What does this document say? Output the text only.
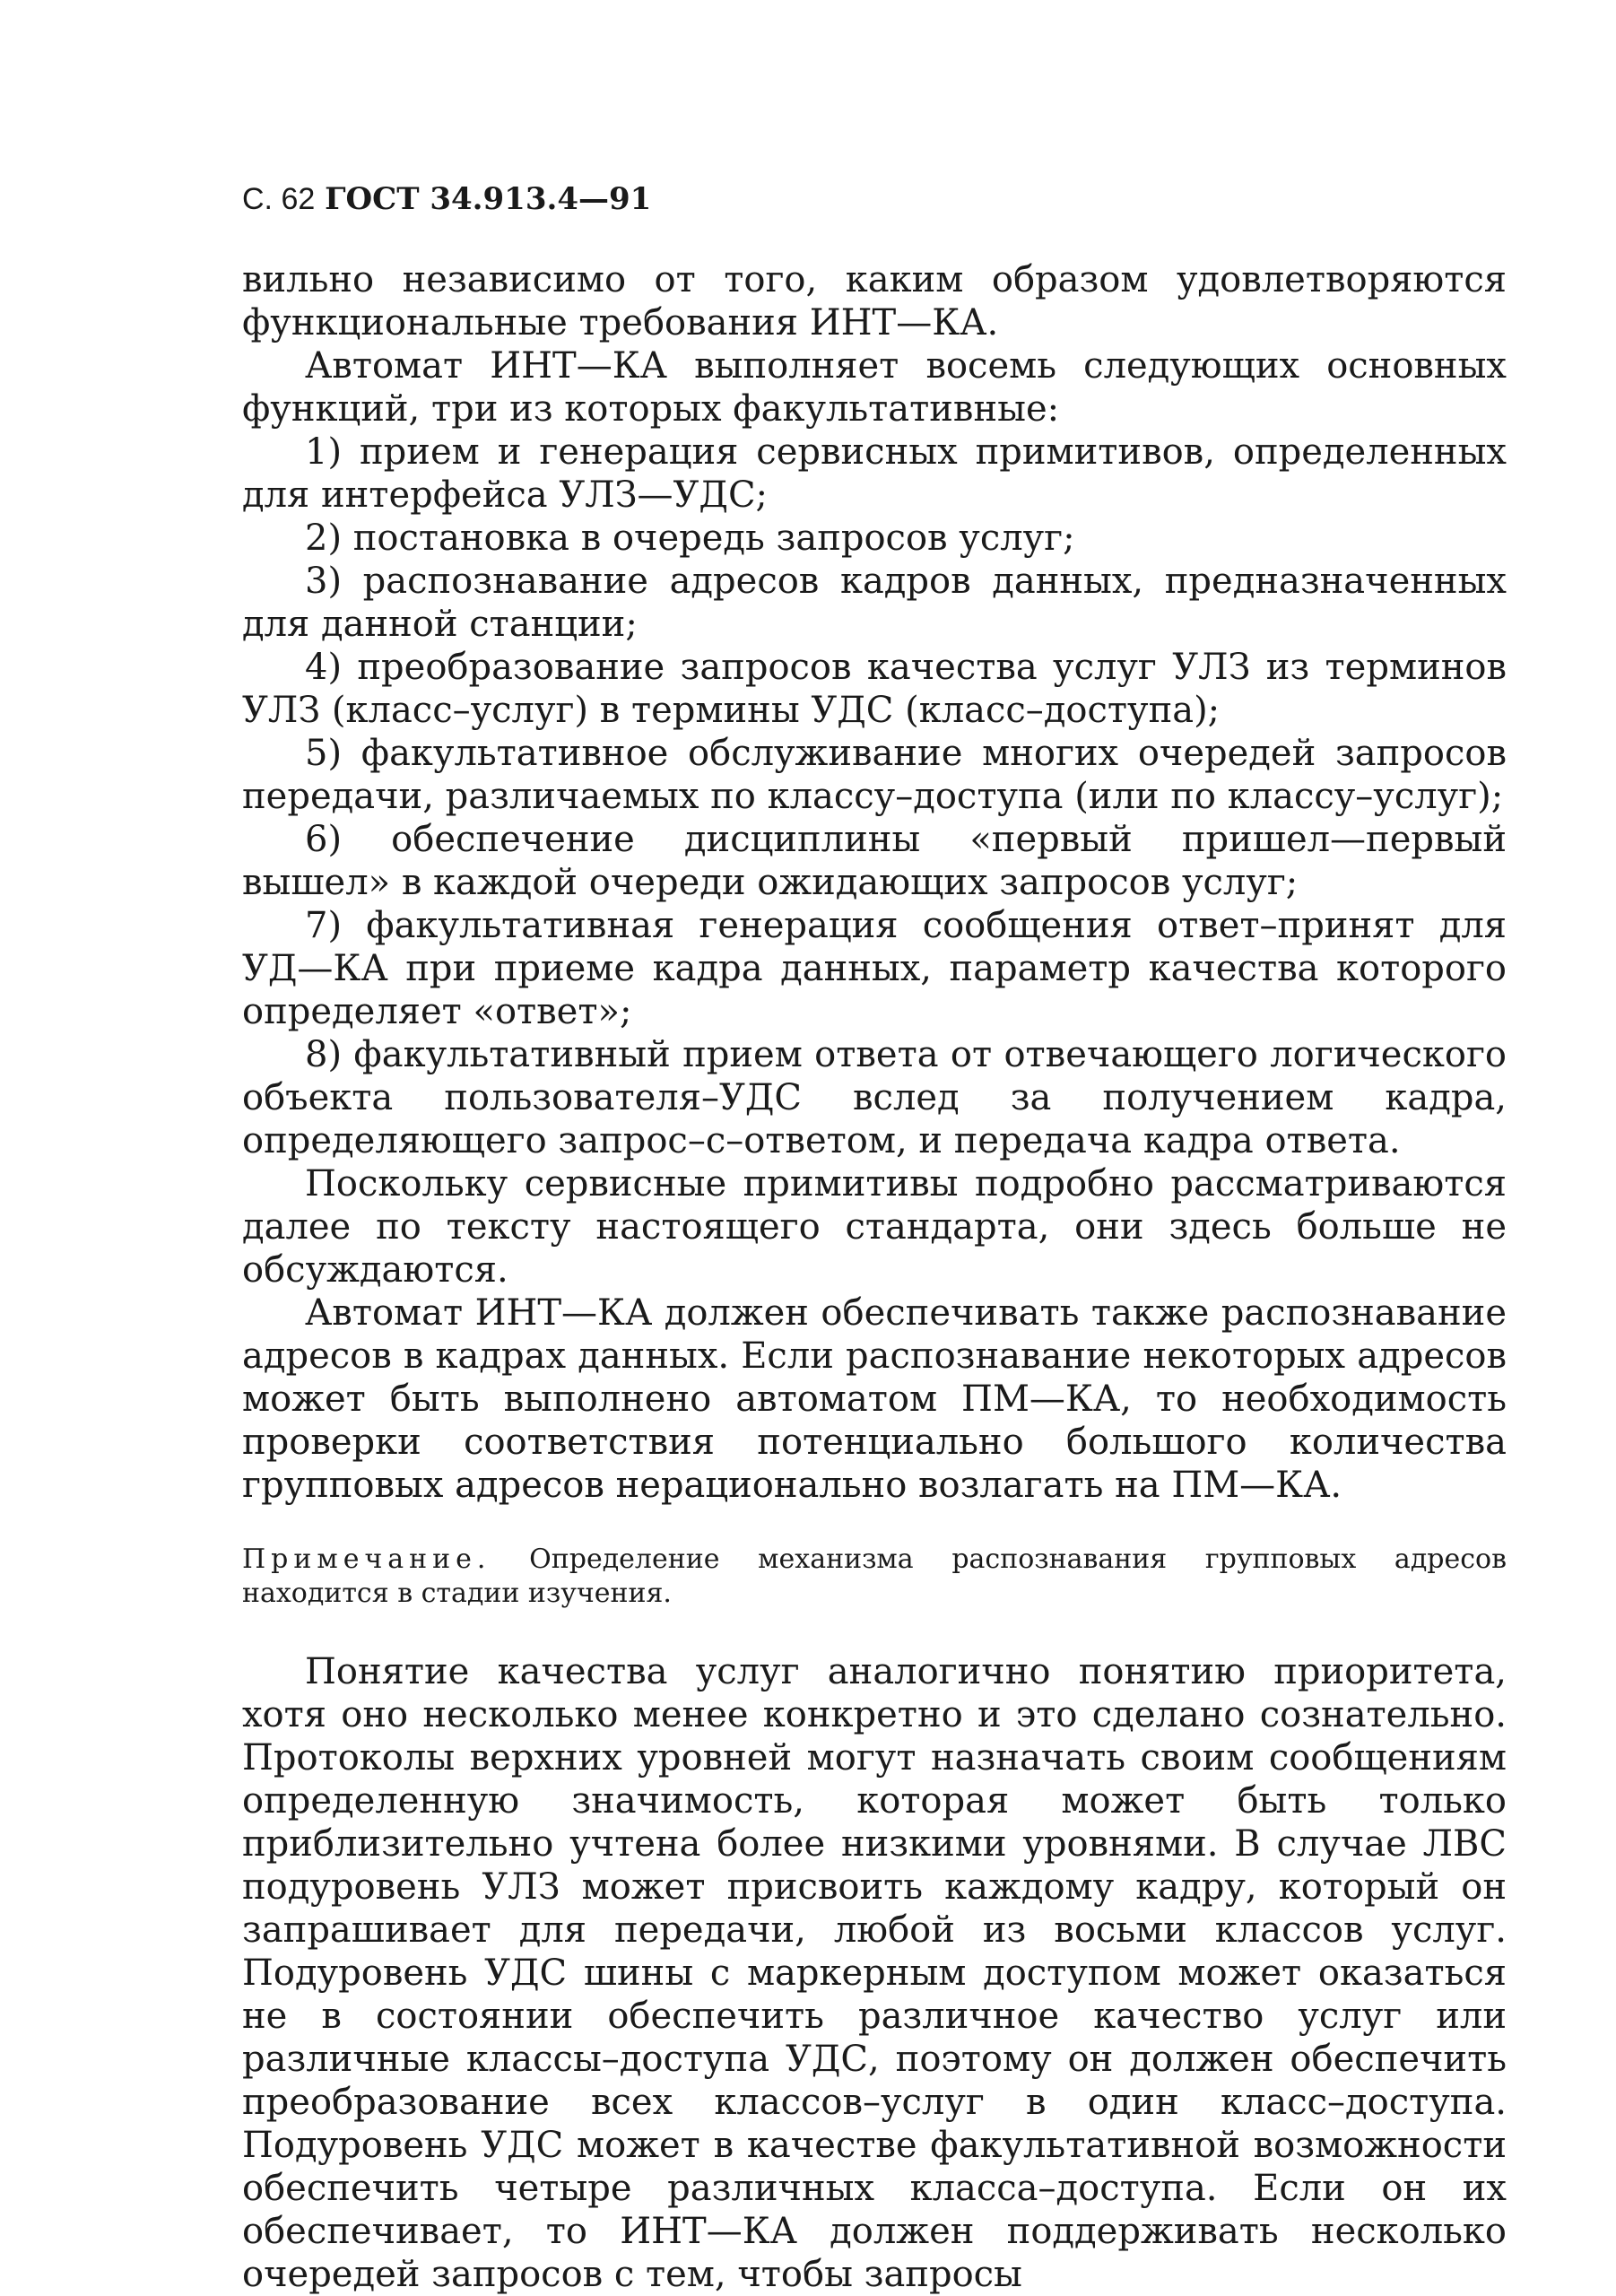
С. 62 ГОСТ 34.913.4—91

вильно независимо от того, каким образом удовлетворяются функциональные требования ИНТ—КА.

Автомат ИНТ—КА выполняет восемь следующих основных функций, три из которых факультативные:

1) прием и генерация сервисных примитивов, определенных для интерфейса УЛЗ—УДС;

2) постановка в очередь запросов услуг;

3) распознавание адресов кадров данных, предназначенных для данной станции;

4) преобразование запросов качества услуг УЛЗ из терминов УЛЗ (класс–услуг) в термины УДС (класс–доступа);

5) факультативное обслуживание многих очередей запросов передачи, различаемых по классу–доступа (или по классу–услуг);

6) обеспечение дисциплины «первый пришел—первый вышел» в каждой очереди ожидающих запросов услуг;

7) факультативная генерация сообщения ответ–принят для УД—КА при приеме кадра данных, параметр качества которого определяет «ответ»;

8) факультативный прием ответа от отвечающего логического объекта пользователя–УДС вслед за получением кадра, определяющего запрос–с–ответом, и передача кадра ответа.

Поскольку сервисные примитивы подробно рассматриваются далее по тексту настоящего стандарта, они здесь больше не обсуждаются.

Автомат ИНТ—КА должен обеспечивать также распознавание адресов в кадрах данных. Если распознавание некоторых адресов может быть выполнено автоматом ПМ—КА, то необходимость проверки соответствия потенциально большого количества групповых адресов нерационально возлагать на ПМ—КА.

Примечание. Определение механизма распознавания групповых адресов находится в стадии изучения.

Понятие качества услуг аналогично понятию приоритета, хотя оно несколько менее конкретно и это сделано сознательно. Протоколы верхних уровней могут назначать своим сообщениям определенную значимость, которая может быть только приблизительно учтена более низкими уровнями. В случае ЛВС подуровень УЛЗ может присвоить каждому кадру, который он запрашивает для передачи, любой из восьми классов услуг. Подуровень УДС шины с маркерным доступом может оказаться не в состоянии обеспечить различное качество услуг или различные классы–доступа УДС, поэтому он должен обеспечить преобразование всех классов–услуг в один класс–доступа. Подуровень УДС может в качестве факультативной возможности обеспечить четыре различных класса–доступа. Если он их обеспечивает, то ИНТ—КА должен поддерживать несколько очередей запросов с тем, чтобы запросы
